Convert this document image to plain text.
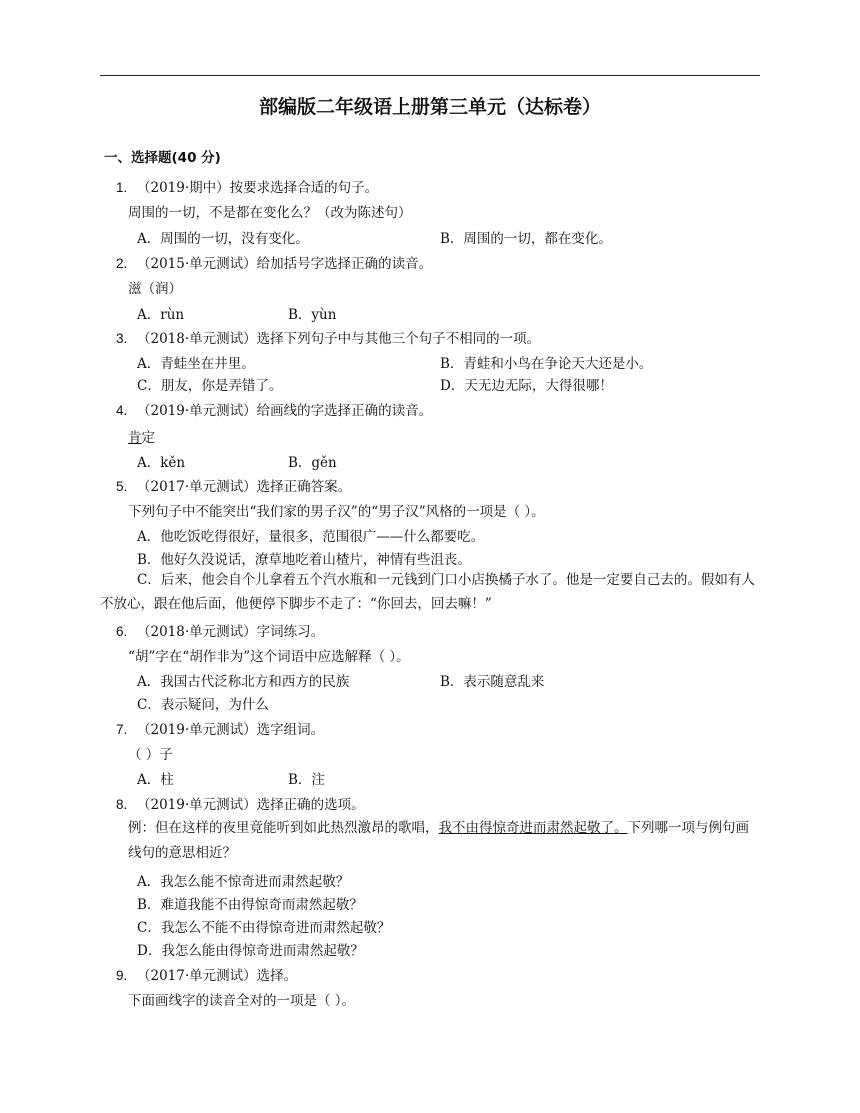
部编版二年级语上册第三单元（达标卷）
一、选择题(40 分)
1. （2019·期中）按要求选择合适的句子。
周围的一切，不是都在变化么？（改为陈述句）
A．周围的一切，没有变化。	B．周围的一切，都在变化。
2. （2015·单元测试）给加括号字选择正确的读音。
滋（润）
A．rùn	B．yùn
3. （2018·单元测试）选择下列句子中与其他三个句子不相同的一项。
A．青蛙坐在井里。	B．青蛙和小鸟在争论天大还是小。
C．朋友，你是弄错了。	D．天无边无际，大得很哪！
4. （2019·单元测试）给画线的字选择正确的读音。
肯定
A．kěn	B．gěn
5. （2017·单元测试）选择正确答案。
下列句子中不能突出“我们家的男子汉”的“男子汉”风格的一项是（ ）。
A．他吃饭吃得很好，量很多，范围很广——什么都要吃。
B．他好久没说话，潦草地吃着山楂片，神情有些沮丧。
C．后来，他会自个儿拿着五个汽水瓶和一元钱到门口小店换橘子水了。他是一定要自己去的。假如有人不放心，跟在他后面，他便停下脚步不走了：“你回去，回去嘛！”
6. （2018·单元测试）字词练习。
“胡”字在“胡作非为”这个词语中应选解释（ ）。
A．我国古代泛称北方和西方的民族	B．表示随意乱来
C．表示疑问，为什么
7. （2019·单元测试）选字组词。
（ ）子
A．柱	B．注
8. （2019·单元测试）选择正确的选项。
例：但在这样的夜里竟能听到如此热烈激昂的歌唱，我不由得惊奇进而肃然起敬了。下列哪一项与例句画线句的意思相近？
A．我怎么能不惊奇进而肃然起敬？
B．难道我能不由得惊奇而肃然起敬？
C．我怎么不能不由得惊奇进而肃然起敬？
D．我怎么能由得惊奇进而肃然起敬？
9. （2017·单元测试）选择。
下面画线字的读音全对的一项是（ ）。
